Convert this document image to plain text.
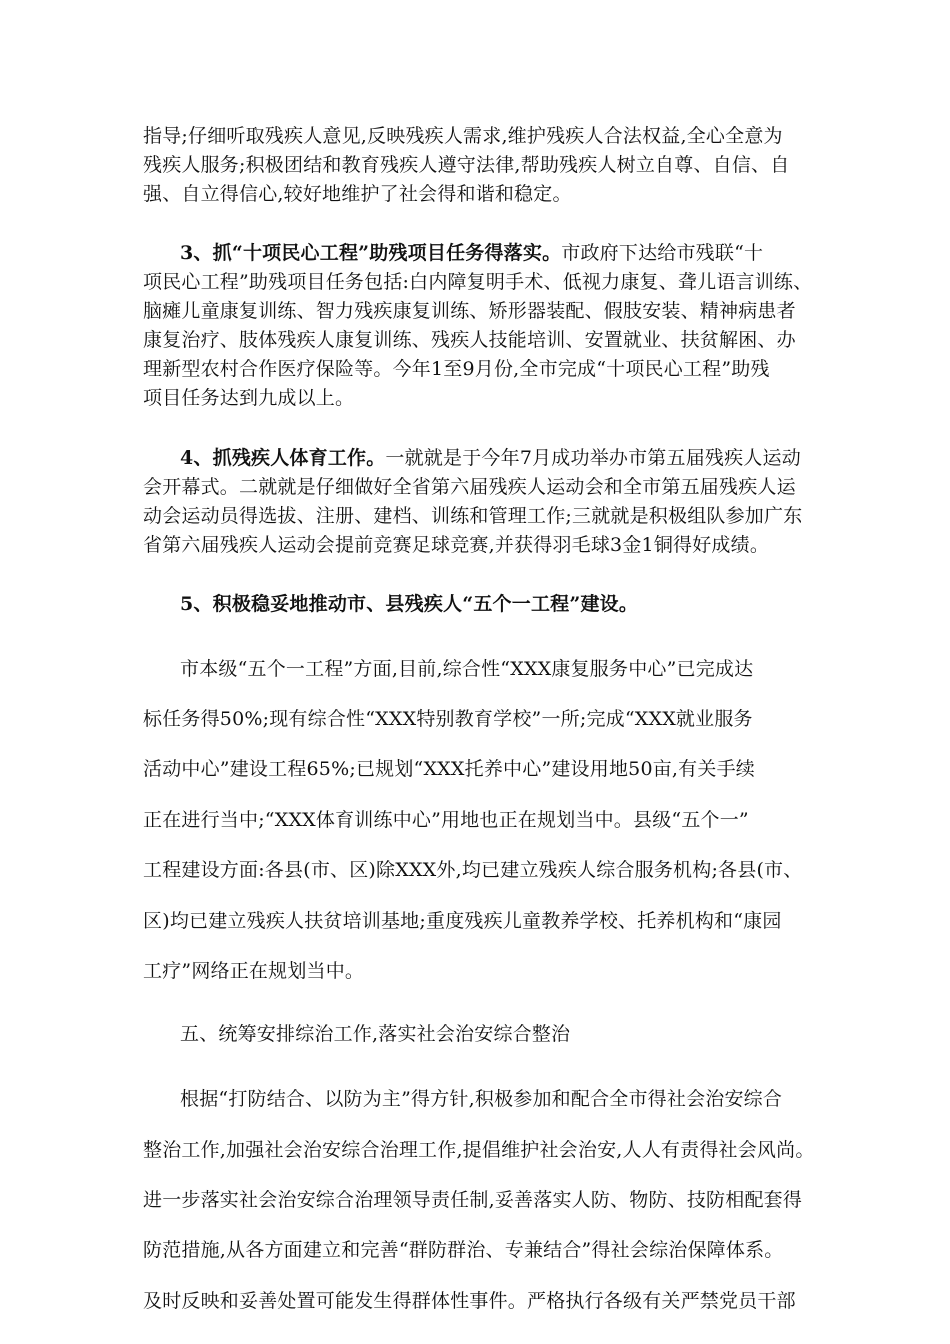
指导;仔细听取残疾人意见,反映残疾人需求,维护残疾人合法权益,全心全意为
残疾人服务;积极团结和教育残疾人遵守法律,帮助残疾人树立自尊、自信、自
强、自立得信心,较好地维护了社会得和谐和稳定。
3、抓“十项民心工程”助残项目任务得落实。市政府下达给市残联“十
项民心工程”助残项目任务包括:白内障复明手术、低视力康复、聋儿语言训练、
脑瘫儿童康复训练、智力残疾康复训练、矫形器装配、假肢安装、精神病患者
康复治疗、肢体残疾人康复训练、残疾人技能培训、安置就业、扶贫解困、办
理新型农村合作医疗保险等。今年1至9月份,全市完成“十项民心工程”助残
项目任务达到九成以上。
4、抓残疾人体育工作。一就就是于今年7月成功举办市第五届残疾人运动
会开幕式。二就就是仔细做好全省第六届残疾人运动会和全市第五届残疾人运
动会运动员得选拔、注册、建档、训练和管理工作;三就就是积极组队参加广东
省第六届残疾人运动会提前竞赛足球竞赛,并获得羽毛球3金1铜得好成绩。
5、积极稳妥地推动市、县残疾人“五个一工程”建设。
市本级“五个一工程”方面,目前,综合性“ⅩXX康复服务中心”已完成达
标任务得50%;现有综合性“ⅩXX特别教育学校”一所;完成“XXX就业服务
活动中心”建设工程65%;已规划“XXX托养中心”建设用地50亩,有关手续
正在进行当中;“ⅩXX体育训练中心”用地也正在规划当中。县级“五个一”
工程建设方面:各县(市、区)除XXⅩ外,均已建立残疾人综合服务机构;各县(市、
区)均已建立残疾人扶贫培训基地;重度残疾儿童教养学校、托养机构和“康园
工疗”网络正在规划当中。
五、统筹安排综治工作,落实社会治安综合整治
根据“打防结合、以防为主”得方针,积极参加和配合全市得社会治安综合
整治工作,加强社会治安综合治理工作,提倡维护社会治安,人人有责得社会风尚。
进一步落实社会治安综合治理领导责任制,妥善落实人防、物防、技防相配套得
防范措施,从各方面建立和完善“群防群治、专兼结合”得社会综治保障体系。
及时反映和妥善处置可能发生得群体性事件。严格执行各级有关严禁党员干部
